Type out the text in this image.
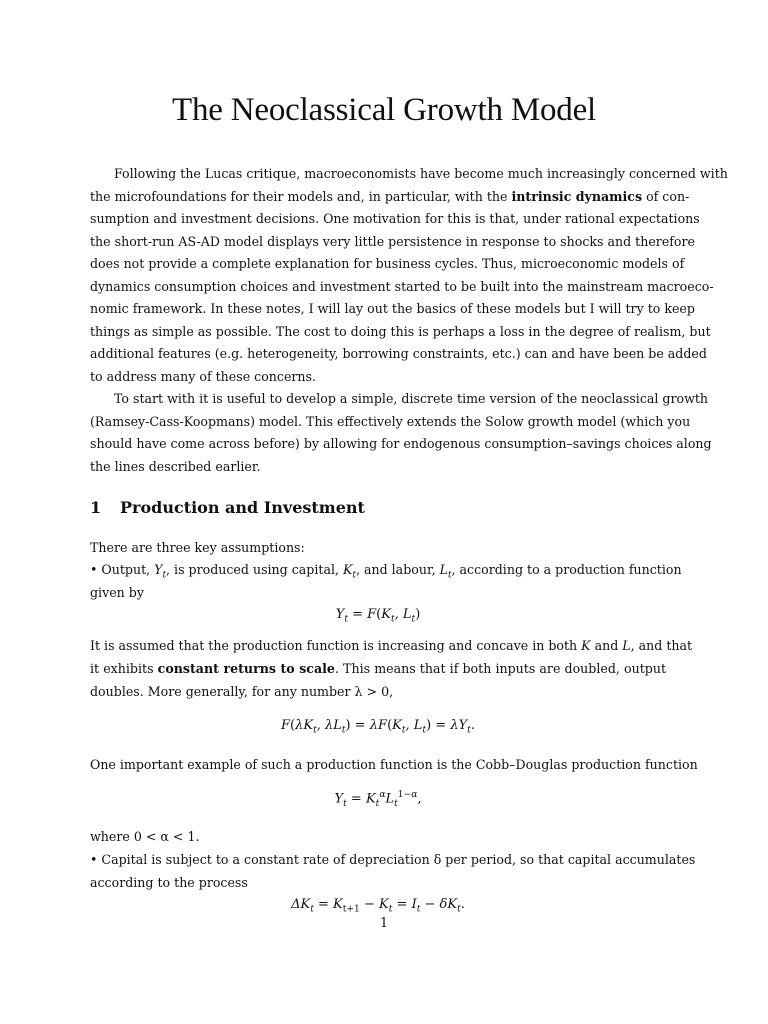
The Neoclassical Growth Model
Following the Lucas critique, macroeconomists have become much increasingly concerned with
the microfoundations for their models and, in particular, with the intrinsic dynamics of con-
sumption and investment decisions. One motivation for this is that, under rational expectations
the short-run AS-AD model displays very little persistence in response to shocks and therefore
does not provide a complete explanation for business cycles. Thus, microeconomic models of
dynamics consumption choices and investment started to be built into the mainstream macroeco-
nomic framework. In these notes, I will lay out the basics of these models but I will try to keep
things as simple as possible. The cost to doing this is perhaps a loss in the degree of realism, but
additional features (e.g. heterogeneity, borrowing constraints, etc.) can and have been be added
to address many of these concerns.
To start with it is useful to develop a simple, discrete time version of the neoclassical growth
(Ramsey-Cass-Koopmans) model. This effectively extends the Solow growth model (which you
should have come across before) by allowing for endogenous consumption–savings choices along
the lines described earlier.
1 Production and Investment
There are three key assumptions:
• Output, $Y_t$, is produced using capital, $K_t$, and labour, $L_t$, according to a production function
given by
$Y_t = F(K_t$, $L_t$)
It is assumed that the production function is increasing and concave in both K and L, and that
it exhibits constant returns to scale. This means that if both inputs are doubled, output
doubles. More generally, for any number λ > 0,
$F(\lambda K_t$, $\lambda L_t) = \lambda F(K_t$, $L_t) = \lambda Y_t$.
One important example of such a production function is the Cobb–Douglas production function
$Y_t = K_t^\alpha L_t^{1-\alpha}$,
where 0 < α < 1.
• Capital is subject to a constant rate of depreciation δ per period, so that capital accumulates
according to the process
$\Delta K_t = K_{t+1} - K_t = I_t - \delta K_t$.
1
